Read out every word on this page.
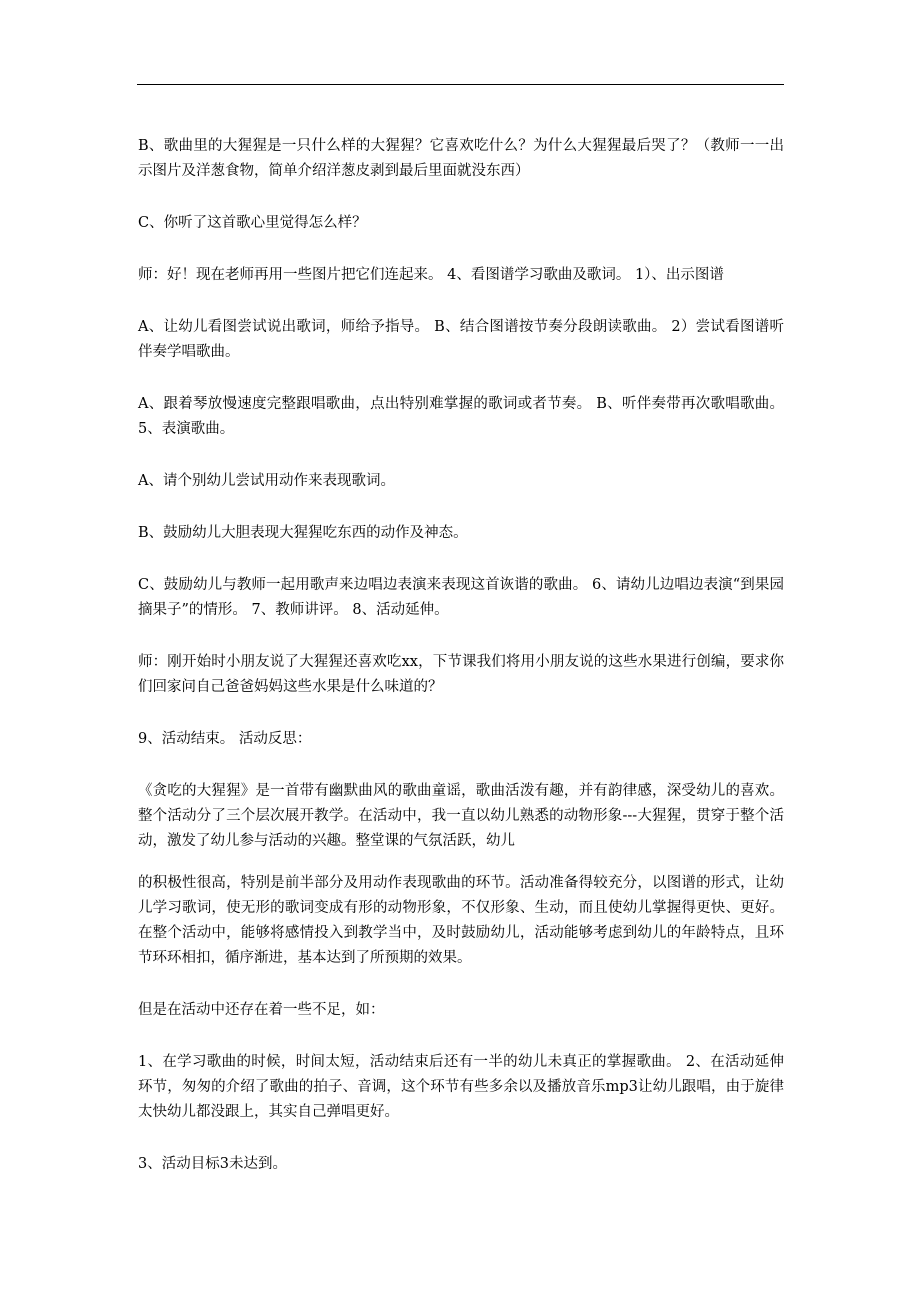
B、歌曲里的大猩猩是一只什么样的大猩猩？它喜欢吃什么？为什么大猩猩最后哭了？（教师一一出示图片及洋葱食物，简单介绍洋葱皮剥到最后里面就没东西）

C、你听了这首歌心里觉得怎么样？

师：好！现在老师再用一些图片把它们连起来。 4、看图谱学习歌曲及歌词。 1）、出示图谱

A、让幼儿看图尝试说出歌词，师给予指导。 B、结合图谱按节奏分段朗读歌曲。 2）尝试看图谱听伴奏学唱歌曲。

A、跟着琴放慢速度完整跟唱歌曲，点出特别难掌握的歌词或者节奏。 B、听伴奏带再次歌唱歌曲。 5、表演歌曲。

A、请个别幼儿尝试用动作来表现歌词。

B、鼓励幼儿大胆表现大猩猩吃东西的动作及神态。

C、鼓励幼儿与教师一起用歌声来边唱边表演来表现这首诙谐的歌曲。 6、请幼儿边唱边表演“到果园摘果子”的情形。 7、教师讲评。 8、活动延伸。

师：刚开始时小朋友说了大猩猩还喜欢吃xx，下节课我们将用小朋友说的这些水果进行创编，要求你们回家问自己爸爸妈妈这些水果是什么味道的？

9、活动结束。 活动反思：

《贪吃的大猩猩》是一首带有幽默曲风的歌曲童谣，歌曲活泼有趣，并有韵律感，深受幼儿的喜欢。整个活动分了三个层次展开教学。在活动中，我一直以幼儿熟悉的动物形象---大猩猩，贯穿于整个活动，激发了幼儿参与活动的兴趣。整堂课的气氛活跃，幼儿

的积极性很高，特别是前半部分及用动作表现歌曲的环节。活动准备得较充分，以图谱的形式，让幼儿学习歌词，使无形的歌词变成有形的动物形象，不仅形象、生动，而且使幼儿掌握得更快、更好。在整个活动中，能够将感情投入到教学当中，及时鼓励幼儿，活动能够考虑到幼儿的年龄特点，且环节环环相扣，循序渐进，基本达到了所预期的效果。

但是在活动中还存在着一些不足，如：

1、在学习歌曲的时候，时间太短，活动结束后还有一半的幼儿未真正的掌握歌曲。 2、在活动延伸环节，匆匆的介绍了歌曲的拍子、音调，这个环节有些多余以及播放音乐mp3让幼儿跟唱，由于旋律太快幼儿都没跟上，其实自己弹唱更好。

3、活动目标3未达到。
